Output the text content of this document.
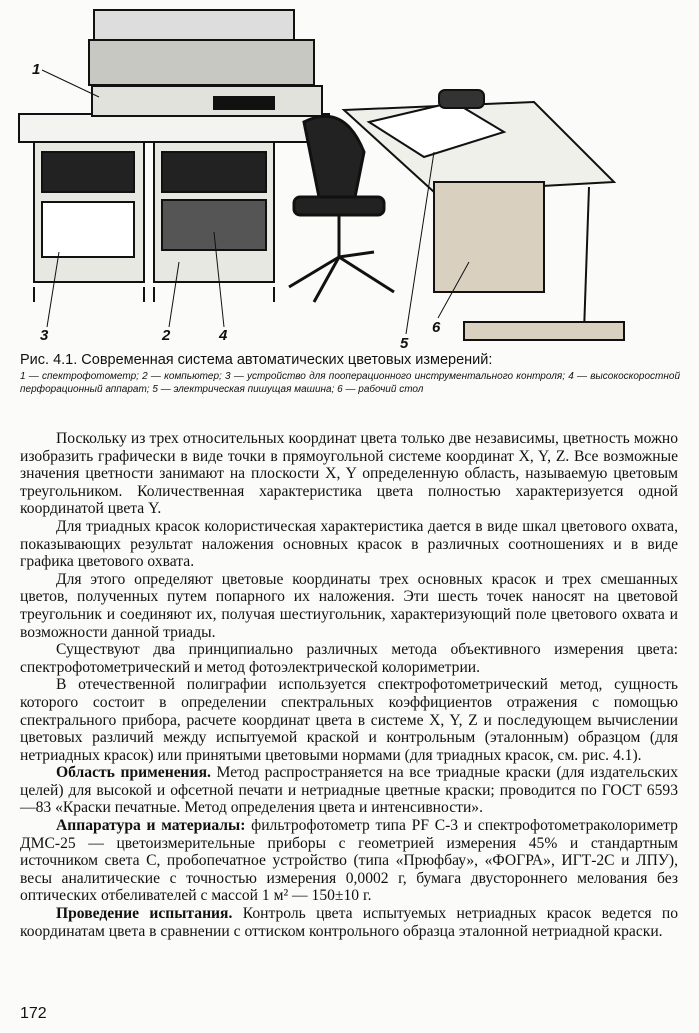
1
2
3	4	5
6

Рис. 4.1. Современная система автоматических цветовых измерений:

1 — спектрофотометр; 2 — компьютер; 3 — устройство для пооперационного инструментального контроля; 4 — высокоскоростной перфорационный аппарат; 5 — электрическая пишущая машина; 6 — рабочий стол

Поскольку из трех относительных координат цвета только две независимы, цветность можно изобразить графически в виде точки в прямоугольной системе координат X, Y, Z. Все возможные значения цветности занимают на плоскости X, Y определенную область, называемую цветовым треугольником. Количественная характеристика цвета полностью характеризуется одной координатой цвета Y.

Для триадных красок колористическая характеристика дается в виде шкал цветового охвата, показывающих результат наложения основных красок в различных соотношениях и в виде графика цветового охвата.

Для этого определяют цветовые координаты трех основных красок и трех смешанных цветов, полученных путем попарного их наложения. Эти шесть точек наносят на цветовой треугольник и соединяют их, получая шестиугольник, характеризующий поле цветового охвата и возможности данной триады.

Существуют два принципиально различных метода объективного измерения цвета: спектрофотометрический и метод фотоэлектрической колориметрии.

В отечественной полиграфии используется спектрофотометрический метод, сущность которого состоит в определении спектральных коэффициентов отражения с помощью спектрального прибора, расчете координат цвета в системе X, Y, Z и последующем вычислении цветовых различий между испытуемой краской и контрольным (эталонным) образцом (для нетриадных красок) или принятыми цветовыми нормами (для триадных красок, см. рис. 4.1).

Область применения. Метод распространяется на все триадные краски (для издательских целей) для высокой и офсетной печати и нетриадные цветные краски; проводится по ГОСТ 6593—83 «Краски печатные. Метод определения цвета и интенсивности».

Аппаратура и материалы: фильтрофотометр типа PF C-3 и спектрофотометраколориметр ДМС-25 — цветоизмерительные приборы с геометрией измерения 45% и стандартным источником света С, пробопечатное устройство (типа «Прюфбау», «ФОГРА», ИГТ-2С и ЛПУ), весы аналитические с точностью измерения 0,0002 г, бумага двустороннего мелования без оптических отбеливателей с массой 1 м² — 150±10 г.

Проведение испытания. Контроль цвета испытуемых нетриадных красок ведется по координатам цвета в сравнении с оттиском контрольного образца эталонной нетриадной краски.

172
